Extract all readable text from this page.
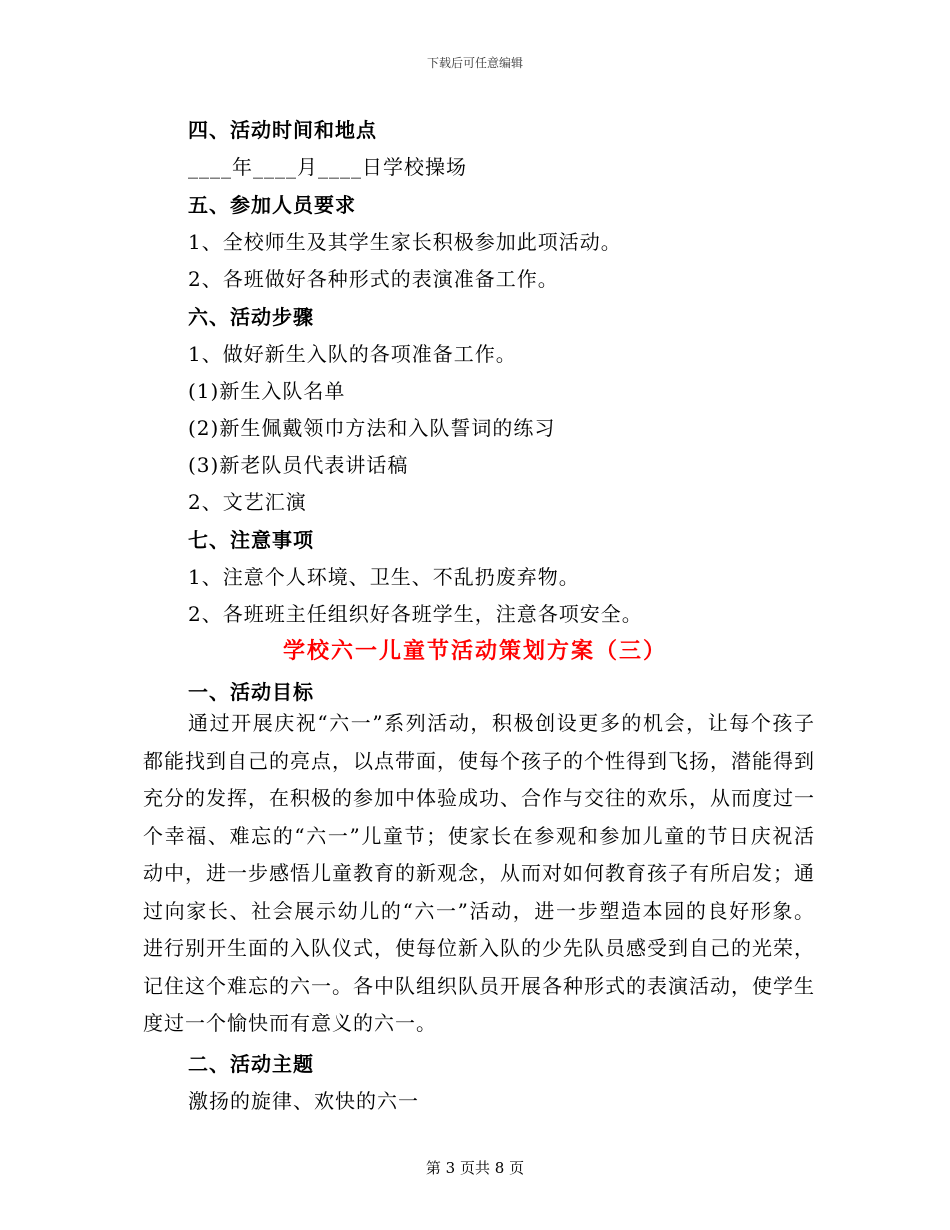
下载后可任意编辑
四、活动时间和地点
____年____月____日学校操场
五、参加人员要求
1、全校师生及其学生家长积极参加此项活动。
2、各班做好各种形式的表演准备工作。
六、活动步骤
1、做好新生入队的各项准备工作。
(1)新生入队名单
(2)新生佩戴领巾方法和入队誓词的练习
(3)新老队员代表讲话稿
2、文艺汇演
七、注意事项
1、注意个人环境、卫生、不乱扔废弃物。
2、各班班主任组织好各班学生，注意各项安全。
学校六一儿童节活动策划方案（三）
一、活动目标
通过开展庆祝“六一”系列活动，积极创设更多的机会，让每个孩子都能找到自己的亮点，以点带面，使每个孩子的个性得到飞扬，潜能得到充分的发挥，在积极的参加中体验成功、合作与交往的欢乐，从而度过一个幸福、难忘的“六一”儿童节；使家长在参观和参加儿童的节日庆祝活动中，进一步感悟儿童教育的新观念，从而对如何教育孩子有所启发；通过向家长、社会展示幼儿的“六一”活动，进一步塑造本园的良好形象。进行别开生面的入队仪式，使每位新入队的少先队员感受到自己的光荣，记住这个难忘的六一。各中队组织队员开展各种形式的表演活动，使学生度过一个愉快而有意义的六一。
二、活动主题
激扬的旋律、欢快的六一
第 3 页共 8 页
